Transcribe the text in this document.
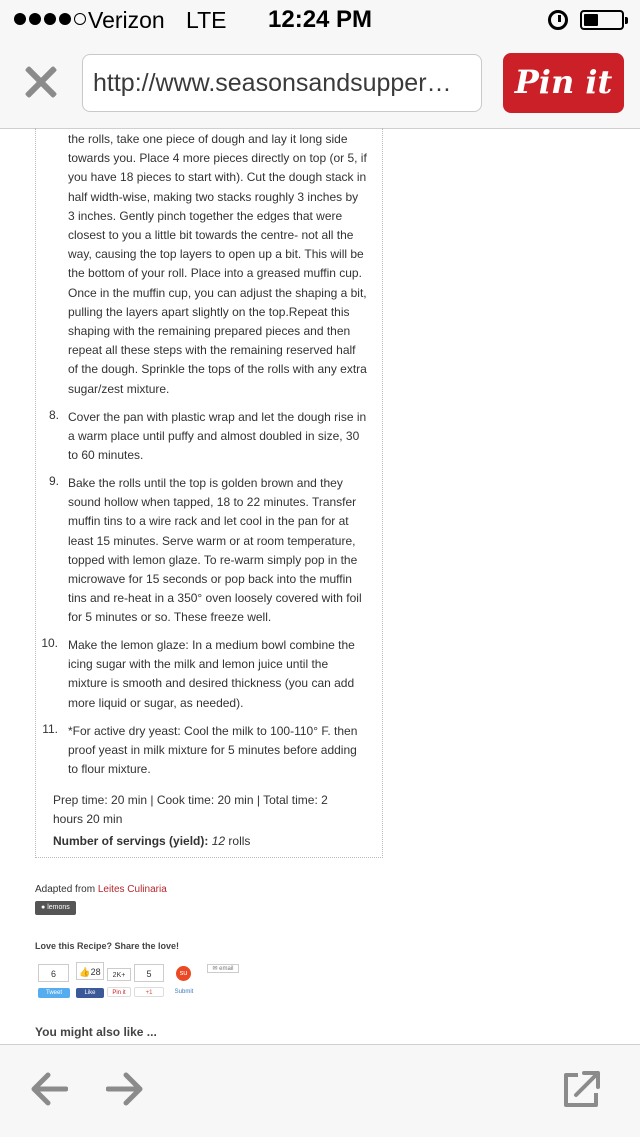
Verizon LTE 12:24 PM
http://www.seasonsandsupper…	Pin it
the rolls, take one piece of dough and lay it long side towards you. Place 4 more pieces directly on top (or 5, if you have 18 pieces to start with). Cut the dough stack in half width-wise, making two stacks roughly 3 inches by 3 inches. Gently pinch together the edges that were closest to you a little bit towards the centre- not all the way, causing the top layers to open up a bit. This will be the bottom of your roll. Place into a greased muffin cup. Once in the muffin cup, you can adjust the shaping a bit, pulling the layers apart slightly on the top.Repeat this shaping with the remaining prepared pieces and then repeat all these steps with the remaining reserved half of the dough. Sprinkle the tops of the rolls with any extra sugar/zest mixture.
8. Cover the pan with plastic wrap and let the dough rise in a warm place until puffy and almost doubled in size, 30 to 60 minutes.
9. Bake the rolls until the top is golden brown and they sound hollow when tapped, 18 to 22 minutes. Transfer muffin tins to a wire rack and let cool in the pan for at least 15 minutes. Serve warm or at room temperature, topped with lemon glaze. To re-warm simply pop in the microwave for 15 seconds or pop back into the muffin tins and re-heat in a 350° oven loosely covered with foil for 5 minutes or so. These freeze well.
10. Make the lemon glaze: In a medium bowl combine the icing sugar with the milk and lemon juice until the mixture is smooth and desired thickness (you can add more liquid or sugar, as needed).
11. *For active dry yeast: Cool the milk to 100-110° F. then proof yeast in milk mixture for 5 minutes before adding to flour mixture.
Prep time: 20 min | Cook time: 20 min | Total time: 2 hours 20 min
Number of servings (yield): 12 rolls
Adapted from Leites Culinaria
● lemons
Love this Recipe? Share the love!
6
Tweet
👍28
Like
2K+
Pin it
5
+1
su
Submit
✉ email
You might also like ...
